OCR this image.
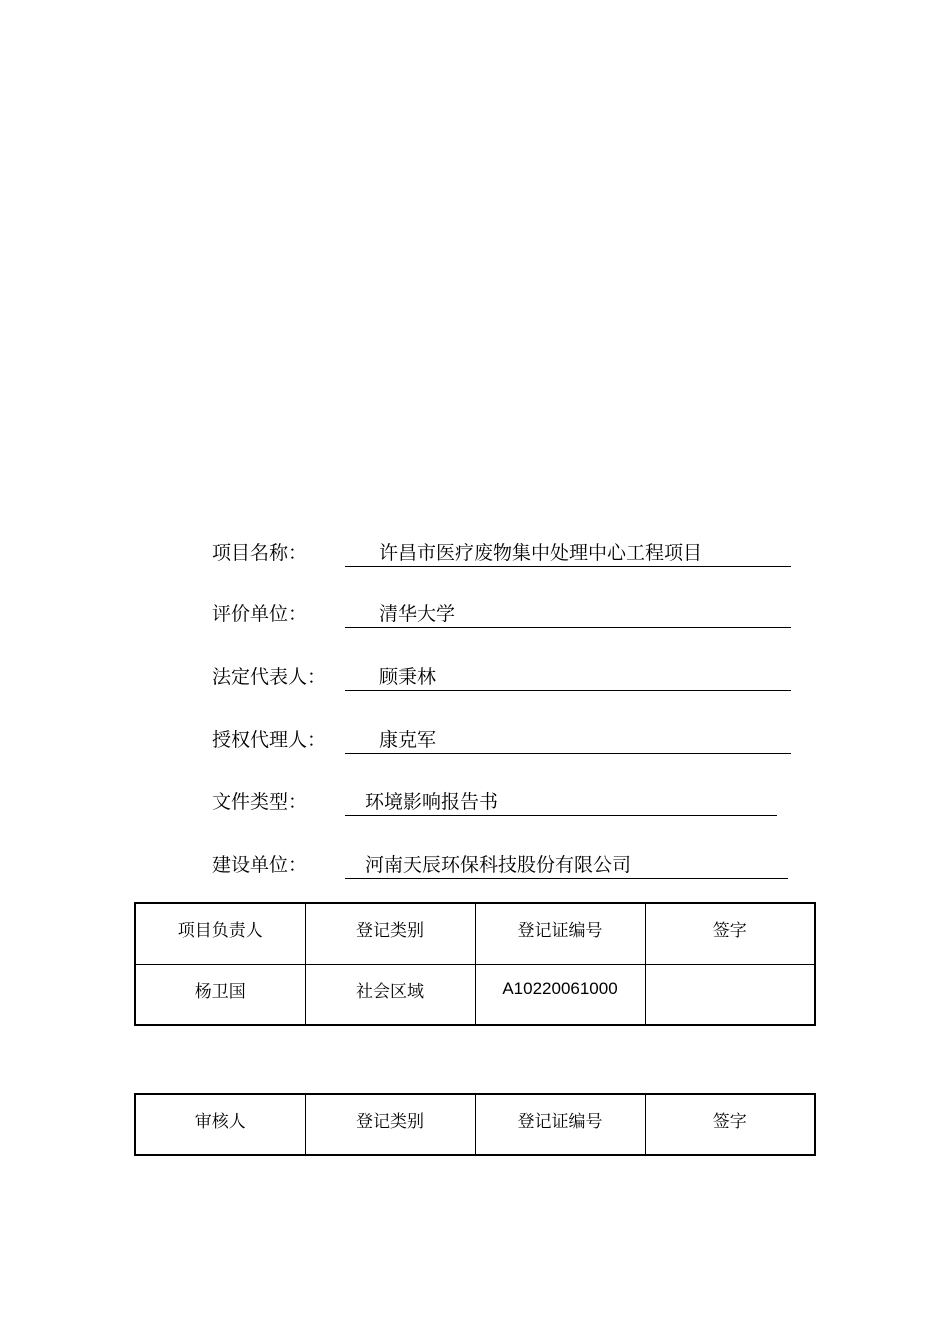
项目名称：	许昌市医疗废物集中处理中心工程项目
评价单位：	清华大学
法定代表人：	顾秉林
授权代理人：	康克军
文件类型：	环境影响报告书
建设单位：	河南天辰环保科技股份有限公司
项目负责人	登记类别	登记证编号	签字
杨卫国	社会区域	A10220061000	
审核人	登记类别	登记证编号	签字
